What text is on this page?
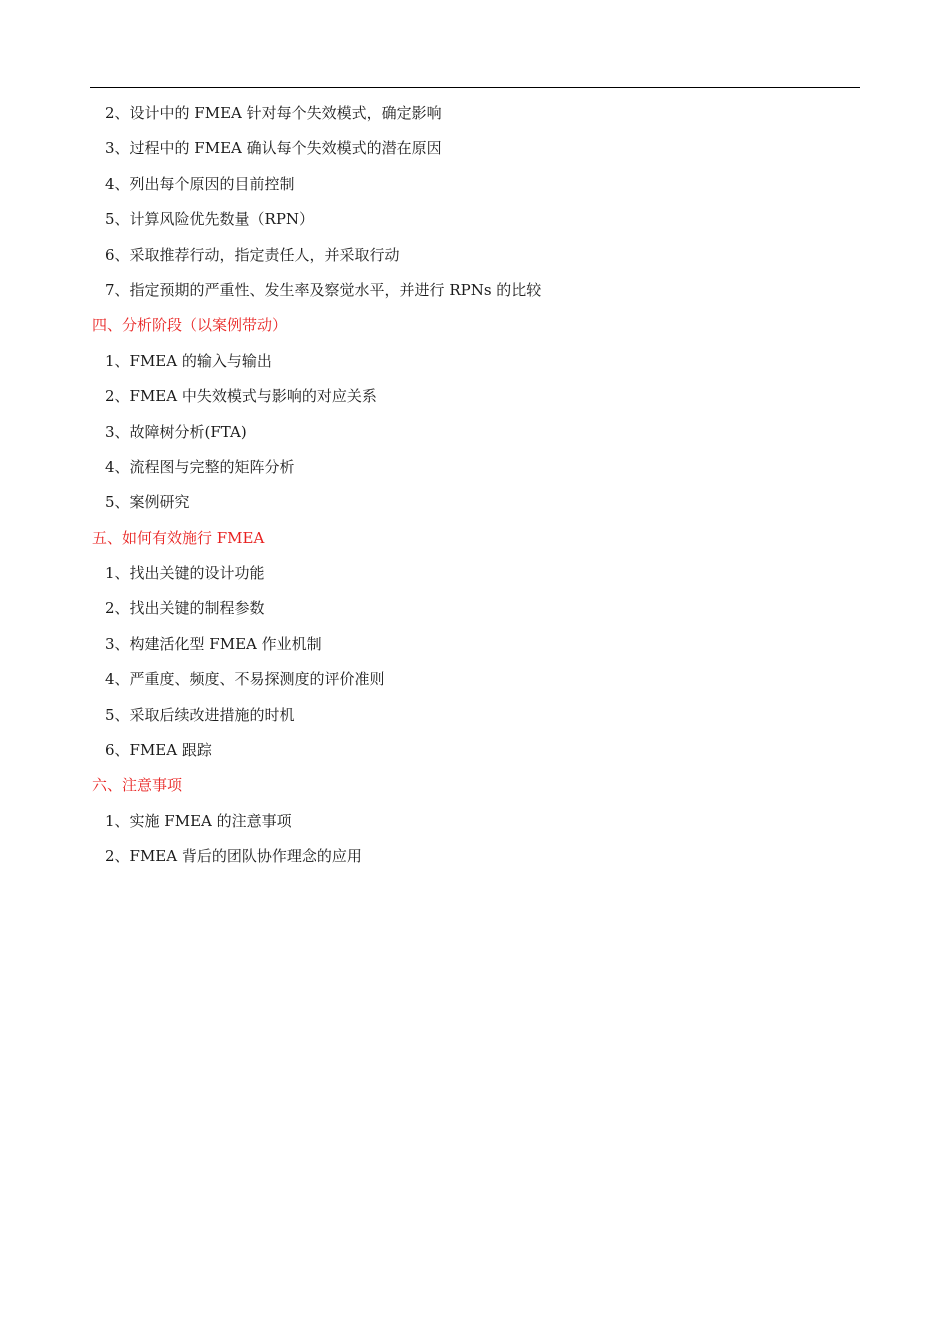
2、设计中的 FMEA 针对每个失效模式，确定影响
3、过程中的 FMEA 确认每个失效模式的潜在原因
4、列出每个原因的目前控制
5、计算风险优先数量（RPN）
6、采取推荐行动，指定责任人，并采取行动
7、指定预期的严重性、发生率及察觉水平，并进行 RPNs 的比较
四、分析阶段（以案例带动）
1、FMEA 的输入与输出
2、FMEA 中失效模式与影响的对应关系
3、故障树分析(FTA)
4、流程图与完整的矩阵分析
5、案例研究
五、如何有效施行 FMEA
1、找出关键的设计功能
2、找出关键的制程参数
3、构建活化型 FMEA 作业机制
4、严重度、频度、不易探测度的评价准则
5、采取后续改进措施的时机
6、FMEA 跟踪
六、注意事项
1、实施 FMEA 的注意事项
2、FMEA 背后的团队协作理念的应用
